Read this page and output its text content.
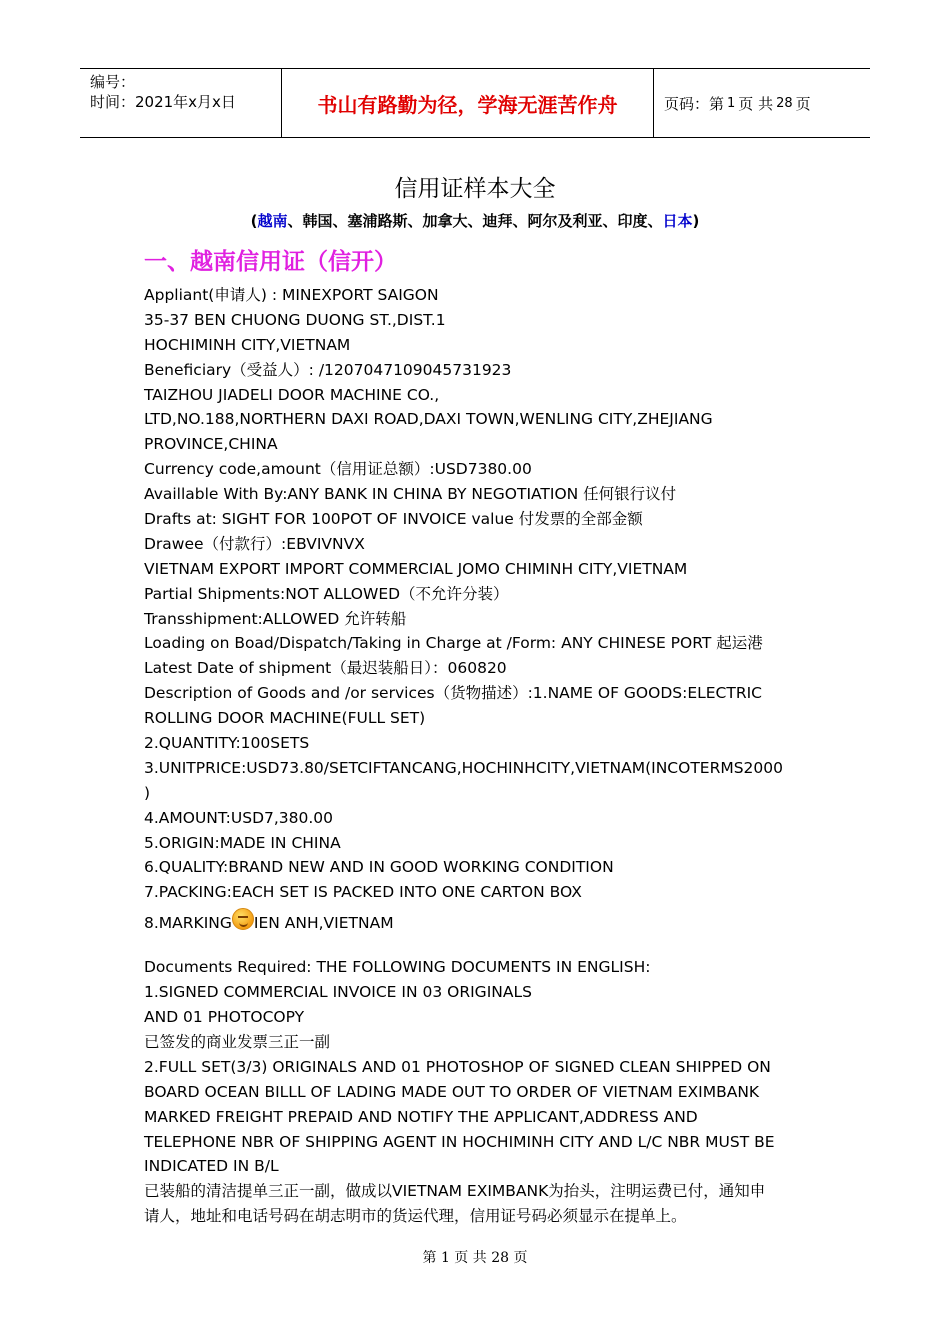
编号：
时间：2021年x月x日	书山有路勤为径，学海无涯苦作舟	页码：第 1 页 共 28 页
信用证样本大全
(越南、韩国、塞浦路斯、加拿大、迪拜、阿尔及利亚、印度、日本)
一、越南信用证（信开）
Appliant(申请人) : MINEXPORT SAIGON
35-37 BEN CHUONG DUONG ST.,DIST.1
HOCHIMINH CITY,VIETNAM
Beneficiary（受益人）: /1207047109045731923
TAIZHOU JIADELI DOOR MACHINE CO.,
LTD,NO.188,NORTHERN DAXI ROAD,DAXI TOWN,WENLING CITY,ZHEJIANG
PROVINCE,CHINA
Currency code,amount（信用证总额）:USD7380.00
Availlable With By:ANY BANK IN CHINA BY NEGOTIATION 任何银行议付
Drafts at: SIGHT FOR 100POT OF INVOICE value 付发票的全部金额
Drawee（付款行）:EBVIVNVX
VIETNAM EXPORT IMPORT COMMERCIAL JOMO CHIMINH CITY,VIETNAM
Partial Shipments:NOT ALLOWED（不允许分装）
Transshipment:ALLOWED 允许转船
Loading on Boad/Dispatch/Taking in Charge at /Form: ANY CHINESE PORT 起运港
Latest Date of shipment（最迟装船日）：060820
Description of Goods and /or services（货物描述）:1.NAME OF GOODS:ELECTRIC
ROLLING DOOR MACHINE(FULL SET)
2.QUANTITY:100SETS
3.UNITPRICE:USD73.80/SETCIFTANCANG,HOCHINHCITY,VIETNAM(INCOTERMS2000
)
4.AMOUNT:USD7,380.00
5.ORIGIN:MADE IN CHINA
6.QUALITY:BRAND NEW AND IN GOOD WORKING CONDITION
7.PACKING:EACH SET IS PACKED INTO ONE CARTON BOX
8.MARKING IEN ANH,VIETNAM
Documents Required: THE FOLLOWING DOCUMENTS IN ENGLISH:
1.SIGNED COMMERCIAL INVOICE IN 03 ORIGINALS
AND 01 PHOTOCOPY
已签发的商业发票三正一副
2.FULL SET(3/3) ORIGINALS AND 01 PHOTOSHOP OF SIGNED CLEAN SHIPPED ON
BOARD OCEAN BILLL OF LADING MADE OUT TO ORDER OF VIETNAM EXIMBANK
MARKED FREIGHT PREPAID AND NOTIFY THE APPLICANT,ADDRESS AND
TELEPHONE NBR OF SHIPPING AGENT IN HOCHIMINH CITY AND L/C NBR MUST BE
INDICATED IN B/L
已装船的清洁提单三正一副，做成以VIETNAM EXIMBANK为抬头，注明运费已付，通知申
请人，地址和电话号码在胡志明市的货运代理，信用证号码必须显示在提单上。
第 1 页 共 28 页
